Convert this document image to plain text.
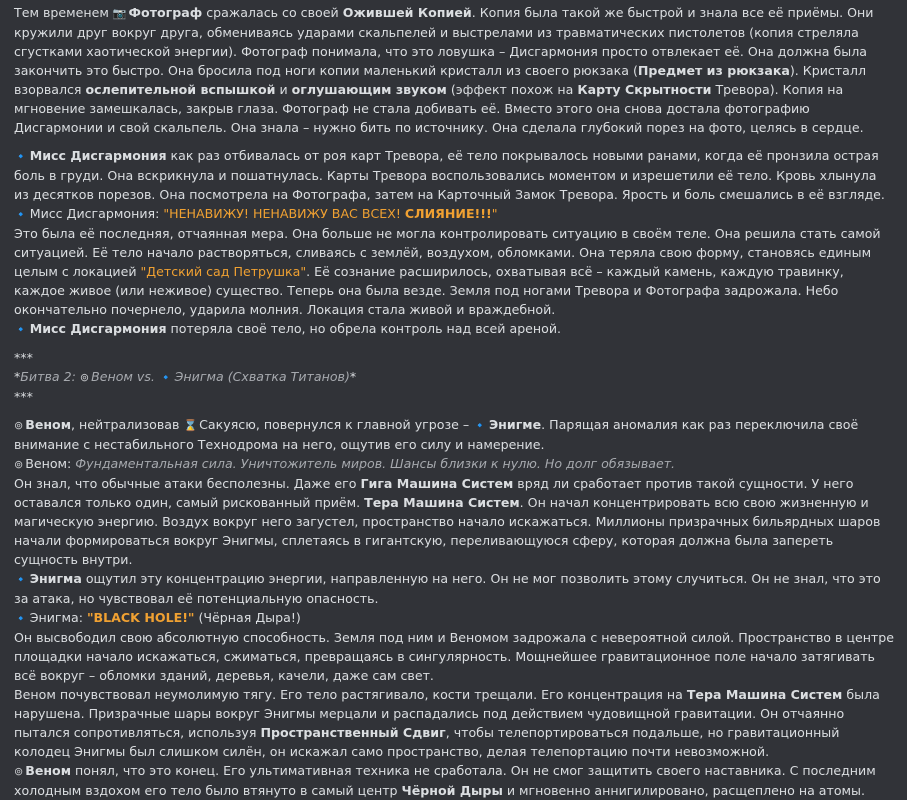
Тем временем 📷 Фотограф сражалась со своей Ожившей Копией. Копия была такой же быстрой и знала все её приёмы. Они кружили друг вокруг друга, обмениваясь ударами скальпелей и выстрелами из травматических пистолетов (копия стреляла сгустками хаотической энергии). Фотограф понимала, что это ловушка – Дисгармония просто отвлекает её. Она должна была закончить это быстро. Она бросила под ноги копии маленький кристалл из своего рюкзака (Предмет из рюкзака). Кристалл взорвался ослепительной вспышкой и оглушающим звуком (эффект похож на Карту Скрытности Тревора). Копия на мгновение замешкалась, закрыв глаза. Фотограф не стала добивать её. Вместо этого она снова достала фотографию Дисгармонии и свой скальпель. Она знала – нужно бить по источнику. Она сделала глубокий порез на фото, целясь в сердце.

🔹 Мисс Дисгармония как раз отбивалась от роя карт Тревора, её тело покрывалось новыми ранами, когда её пронзила острая боль в груди. Она вскрикнула и пошатнулась. Карты Тревора воспользовались моментом и изрешетили её тело. Кровь хлынула из десятков порезов. Она посмотрела на Фотографа, затем на Карточный Замок Тревора. Ярость и боль смешались в её взгляде.

🔹 Мисс Дисгармония: "НЕНАВИЖУ! НЕНАВИЖУ ВАС ВСЕХ! СЛИЯНИЕ!!!"

Это была её последняя, отчаянная мера. Она больше не могла контролировать ситуацию в своём теле. Она решила стать самой ситуацией. Её тело начало растворяться, сливаясь с землёй, воздухом, обломками. Она теряла свою форму, становясь единым целым с локацией "Детский сад Петрушка". Её сознание расширилось, охватывая всё – каждый камень, каждую травинку, каждое живое (или неживое) существо. Теперь она была везде. Земля под ногами Тревора и Фотографа задрожала. Небо окончательно почернело, ударила молния. Локация стала живой и враждебной.

🔹 Мисс Дисгармония потеряла своё тело, но обрела контроль над всей ареной.

***

*Битва 2: ⊚ Веном vs. 🔹 Энигма (Схватка Титанов)*

***

⊚ Веном, нейтрализовав ⌛ Сакуясю, повернулся к главной угрозе – 🔹 Энигме. Парящая аномалия как раз переключила своё внимание с нестабильного Технодрома на него, ощутив его силу и намерение.

⊚ Веном: Фундаментальная сила. Уничтожитель миров. Шансы близки к нулю. Но долг обязывает.

Он знал, что обычные атаки бесполезны. Даже его Гига Машина Систем вряд ли сработает против такой сущности. У него оставался только один, самый рискованный приём. Тера Машина Систем. Он начал концентрировать всю свою жизненную и магическую энергию. Воздух вокруг него загустел, пространство начало искажаться. Миллионы призрачных бильярдных шаров начали формироваться вокруг Энигмы, сплетаясь в гигантскую, переливающуюся сферу, которая должна была запереть сущность внутри.

🔹 Энигма ощутил эту концентрацию энергии, направленную на него. Он не мог позволить этому случиться. Он не знал, что это за атака, но чувствовал её потенциальную опасность.

🔹 Энигма: "BLACK HOLE!" (Чёрная Дыра!)

Он высвободил свою абсолютную способность. Земля под ним и Веномом задрожала с невероятной силой. Пространство в центре площадки начало искажаться, сжиматься, превращаясь в сингулярность. Мощнейшее гравитационное поле начало затягивать всё вокруг – обломки зданий, деревья, качели, даже сам свет.

Веном почувствовал неумолимую тягу. Его тело растягивало, кости трещали. Его концентрация на Тера Машина Систем была нарушена. Призрачные шары вокруг Энигмы мерцали и распадались под действием чудовищной гравитации. Он отчаянно пытался сопротивляться, используя Пространственный Сдвиг, чтобы телепортироваться подальше, но гравитационный колодец Энигмы был слишком силён, он искажал само пространство, делая телепортацию почти невозможной.

⊚ Веном понял, что это конец. Его ультимативная техника не сработала. Он не смог защитить своего наставника. С последним холодным вздохом его тело было втянуто в самый центр Чёрной Дыры и мгновенно аннигилировано, расщеплено на атомы.
